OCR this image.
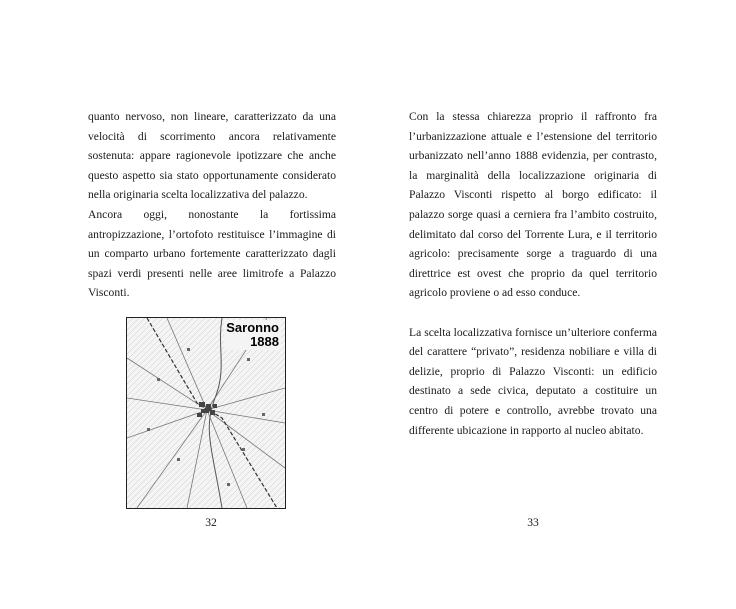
quanto nervoso, non lineare, caratterizzato da una velocità di scorrimento ancora relativamente sostenuta: appare ragionevole ipotizzare che anche questo aspetto sia stato opportunamente considerato nella originaria scelta localizzativa del palazzo.

Ancora oggi, nonostante la fortissima antropizzazione, l’ortofoto restituisce l’immagine di un comparto urbano fortemente caratterizzato dagli spazi verdi presenti nelle aree limitrofe a Palazzo Visconti.

Saronno
1888
32

Con la stessa chiarezza proprio il raffronto fra l’urbanizzazione attuale e l’estensione del territorio urbanizzato nell’anno 1888 evidenzia, per contrasto, la marginalità della localizzazione originaria di Palazzo Visconti rispetto al borgo edificato: il palazzo sorge quasi a cerniera fra l’ambito costruito, delimitato dal corso del Torrente Lura, e il territorio agricolo: precisamente sorge a traguardo di una direttrice est ovest che proprio da quel territorio agricolo proviene o ad esso conduce.

La scelta localizzativa fornisce un’ulteriore conferma del carattere “privato”, residenza nobiliare e villa di delizie, proprio di Palazzo Visconti: un edificio destinato a sede civica, deputato a costituire un centro di potere e controllo, avrebbe trovato una differente ubicazione in rapporto al nucleo abitato.

33
